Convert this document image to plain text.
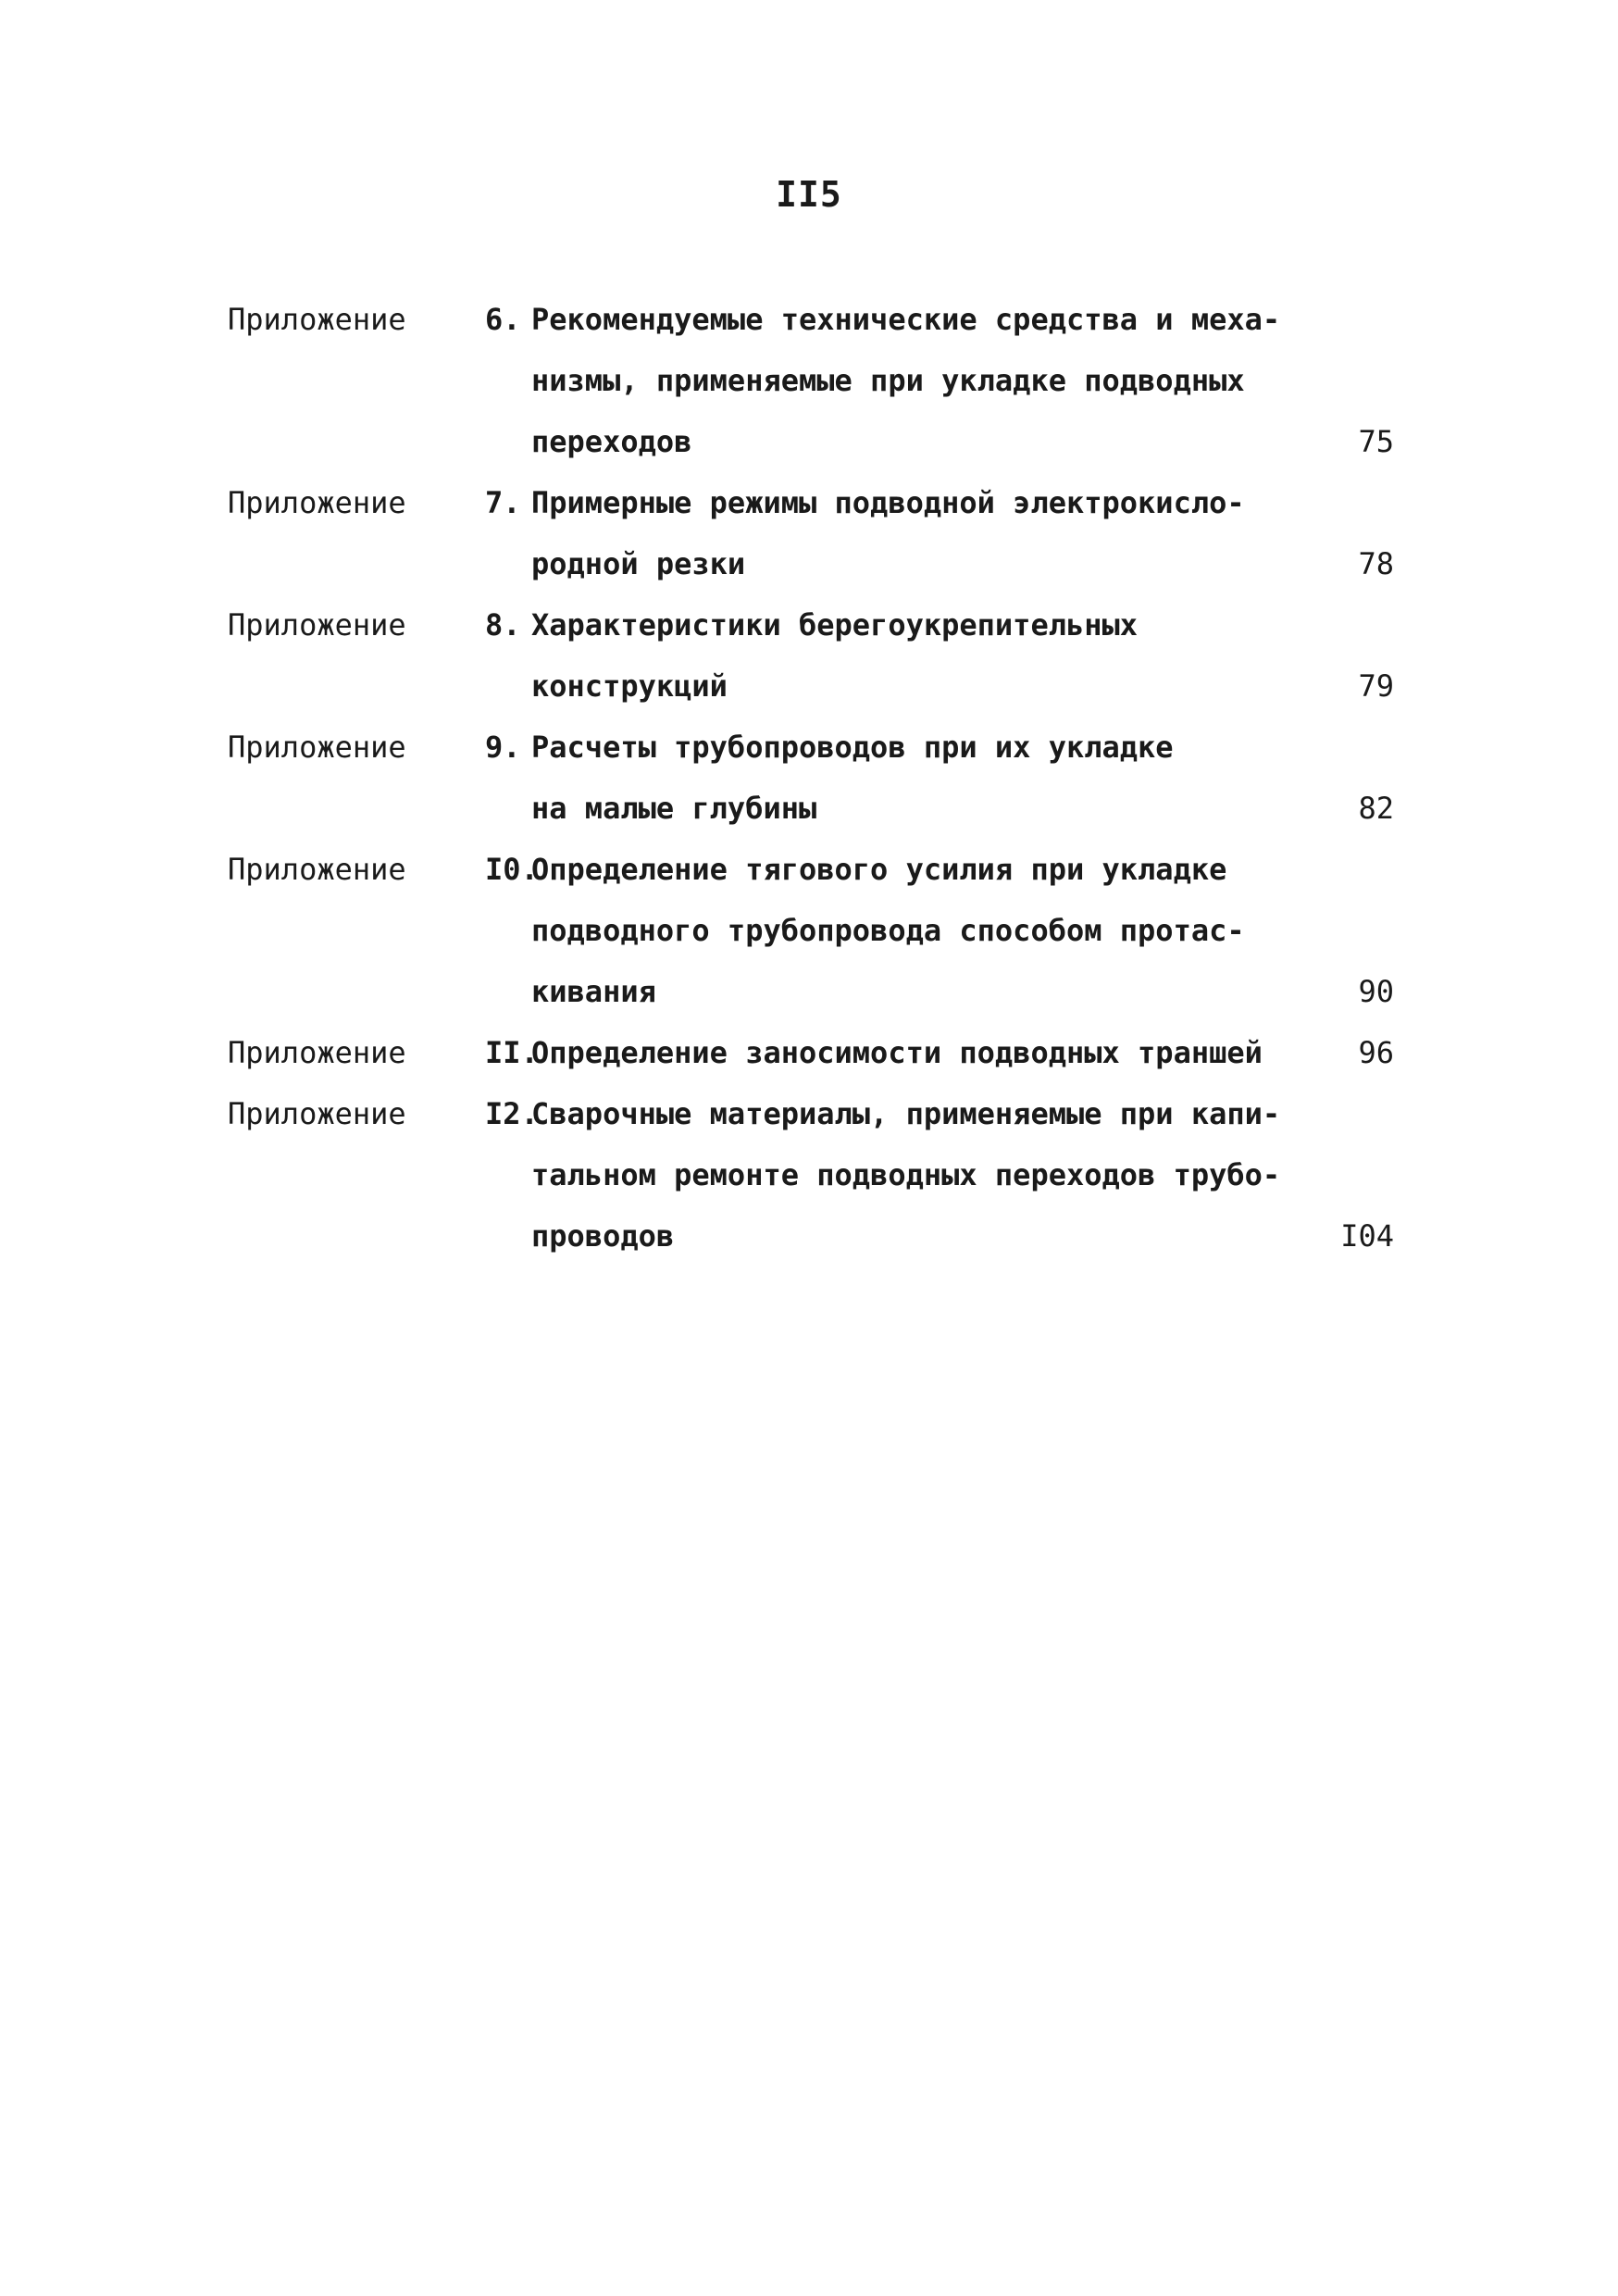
II5
Приложение	6. Рекомендуемые технические средства и меха-
низмы, применяемые при укладке подводных
переходов	75
Приложение	7. Примерные режимы подводной электрокисло-
родной резки	78
Приложение	8. Характеристики берегоукрепительных
конструкций	79
Приложение	9. Расчеты трубопроводов при их укладке
на малые глубины	82
Приложение	I0.
Определение тягового усилия при укладке
подводного трубопровода способом протас-
кивания	90
Приложение	II.
Определение заносимости подводных траншей	96
Приложение	I2.
Сварочные материалы, применяемые при капи-
тальном ремонте подводных переходов трубо-
проводов	I04
